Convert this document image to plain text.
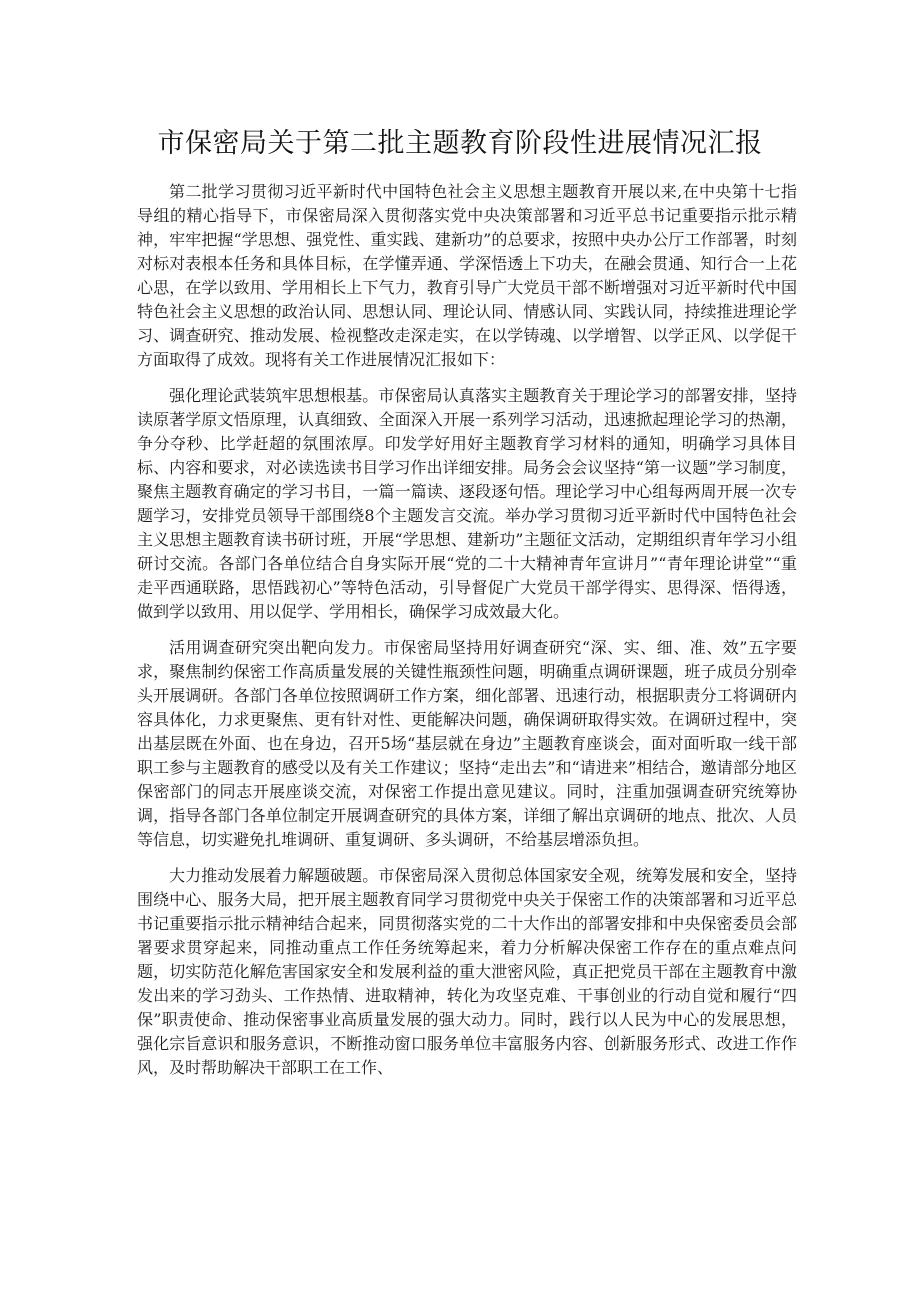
市保密局关于第二批主题教育阶段性进展情况汇报

第二批学习贯彻习近平新时代中国特色社会主义思想主题教育开展以来,在中央第十七指导组的精心指导下，市保密局深入贯彻落实党中央决策部署和习近平总书记重要指示批示精神，牢牢把握“学思想、强党性、重实践、建新功”的总要求，按照中央办公厅工作部署，时刻对标对表根本任务和具体目标，在学懂弄通、学深悟透上下功夫，在融会贯通、知行合一上花心思，在学以致用、学用相长上下气力，教育引导广大党员干部不断增强对习近平新时代中国特色社会主义思想的政治认同、思想认同、理论认同、情感认同、实践认同，持续推进理论学习、调查研究、推动发展、检视整改走深走实，在以学铸魂、以学增智、以学正风、以学促干方面取得了成效。现将有关工作进展情况汇报如下：

强化理论武装筑牢思想根基。市保密局认真落实主题教育关于理论学习的部署安排，坚持读原著学原文悟原理，认真细致、全面深入开展一系列学习活动，迅速掀起理论学习的热潮，争分夺秒、比学赶超的氛围浓厚。印发学好用好主题教育学习材料的通知，明确学习具体目标、内容和要求，对必读选读书目学习作出详细安排。局务会会议坚持“第一议题”学习制度，聚焦主题教育确定的学习书目，一篇一篇读、逐段逐句悟。理论学习中心组每两周开展一次专题学习，安排党员领导干部围绕8个主题发言交流。举办学习贯彻习近平新时代中国特色社会主义思想主题教育读书研讨班，开展“学思想、建新功”主题征文活动，定期组织青年学习小组研讨交流。各部门各单位结合自身实际开展“党的二十大精神青年宣讲月”“青年理论讲堂”“重走平西通联路，思悟践初心”等特色活动，引导督促广大党员干部学得实、思得深、悟得透，做到学以致用、用以促学、学用相长，确保学习成效最大化。

活用调查研究突出靶向发力。市保密局坚持用好调查研究“深、实、细、准、效”五字要求，聚焦制约保密工作高质量发展的关键性瓶颈性问题，明确重点调研课题，班子成员分别牵头开展调研。各部门各单位按照调研工作方案，细化部署、迅速行动，根据职责分工将调研内容具体化，力求更聚焦、更有针对性、更能解决问题，确保调研取得实效。在调研过程中，突出基层既在外面、也在身边，召开5场“基层就在身边”主题教育座谈会，面对面听取一线干部职工参与主题教育的感受以及有关工作建议；坚持“走出去”和“请进来”相结合，邀请部分地区保密部门的同志开展座谈交流，对保密工作提出意见建议。同时，注重加强调查研究统筹协调，指导各部门各单位制定开展调查研究的具体方案，详细了解出京调研的地点、批次、人员等信息，切实避免扎堆调研、重复调研、多头调研，不给基层增添负担。

大力推动发展着力解题破题。市保密局深入贯彻总体国家安全观，统筹发展和安全，坚持围绕中心、服务大局，把开展主题教育同学习贯彻党中央关于保密工作的决策部署和习近平总书记重要指示批示精神结合起来，同贯彻落实党的二十大作出的部署安排和中央保密委员会部署要求贯穿起来，同推动重点工作任务统筹起来，着力分析解决保密工作存在的重点难点问题，切实防范化解危害国家安全和发展利益的重大泄密风险，真正把党员干部在主题教育中激发出来的学习劲头、工作热情、进取精神，转化为攻坚克难、干事创业的行动自觉和履行“四保”职责使命、推动保密事业高质量发展的强大动力。同时，践行以人民为中心的发展思想，强化宗旨意识和服务意识，不断推动窗口服务单位丰富服务内容、创新服务形式、改进工作作风，及时帮助解决干部职工在工作、
